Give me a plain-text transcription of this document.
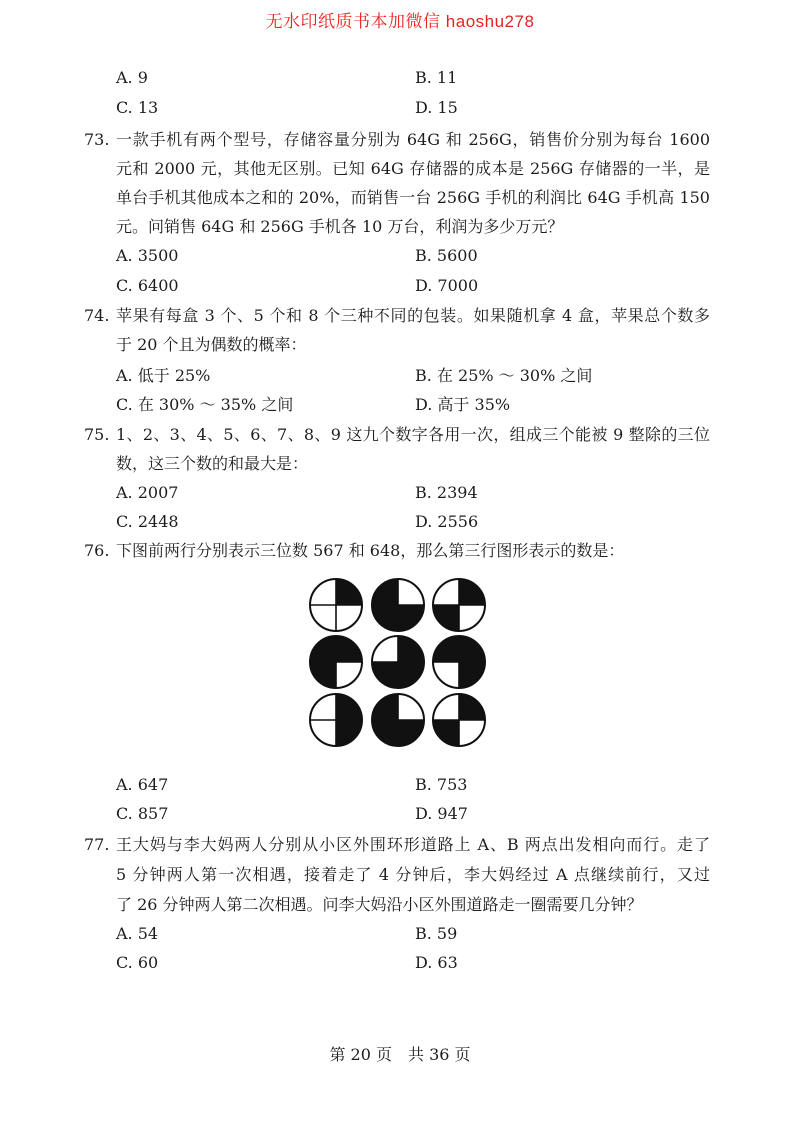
无水印纸质书本加微信 haoshu278
A. 9	B. 11
C. 13	D. 15
73. 一款手机有两个型号，存储容量分别为 64G 和 256G，销售价分别为每台 1600
元和 2000 元，其他无区别。已知 64G 存储器的成本是 256G 存储器的一半，是
单台手机其他成本之和的 20%，而销售一台 256G 手机的利润比 64G 手机高 150
元。问销售 64G 和 256G 手机各 10 万台，利润为多少万元？
A. 3500	B. 5600
C. 6400	D. 7000
74. 苹果有每盒 3 个、5 个和 8 个三种不同的包装。如果随机拿 4 盒，苹果总个数多
于 20 个且为偶数的概率：
A. 低于 25%	B. 在 25% ～ 30% 之间
C. 在 30% ～ 35% 之间	D. 高于 35%
75. 1、2、3、4、5、6、7、8、9 这九个数字各用一次，组成三个能被 9 整除的三位
数，这三个数的和最大是：
A. 2007	B. 2394
C. 2448	D. 2556
76. 下图前两行分别表示三位数 567 和 648，那么第三行图形表示的数是：
A. 647	B. 753
C. 857	D. 947
77. 王大妈与李大妈两人分别从小区外围环形道路上 A、B 两点出发相向而行。走了
5 分钟两人第一次相遇，接着走了 4 分钟后，李大妈经过 A 点继续前行，又过
了 26 分钟两人第二次相遇。问李大妈沿小区外围道路走一圈需要几分钟？
A. 54	B. 59
C. 60	D. 63
第 20 页　共 36 页
